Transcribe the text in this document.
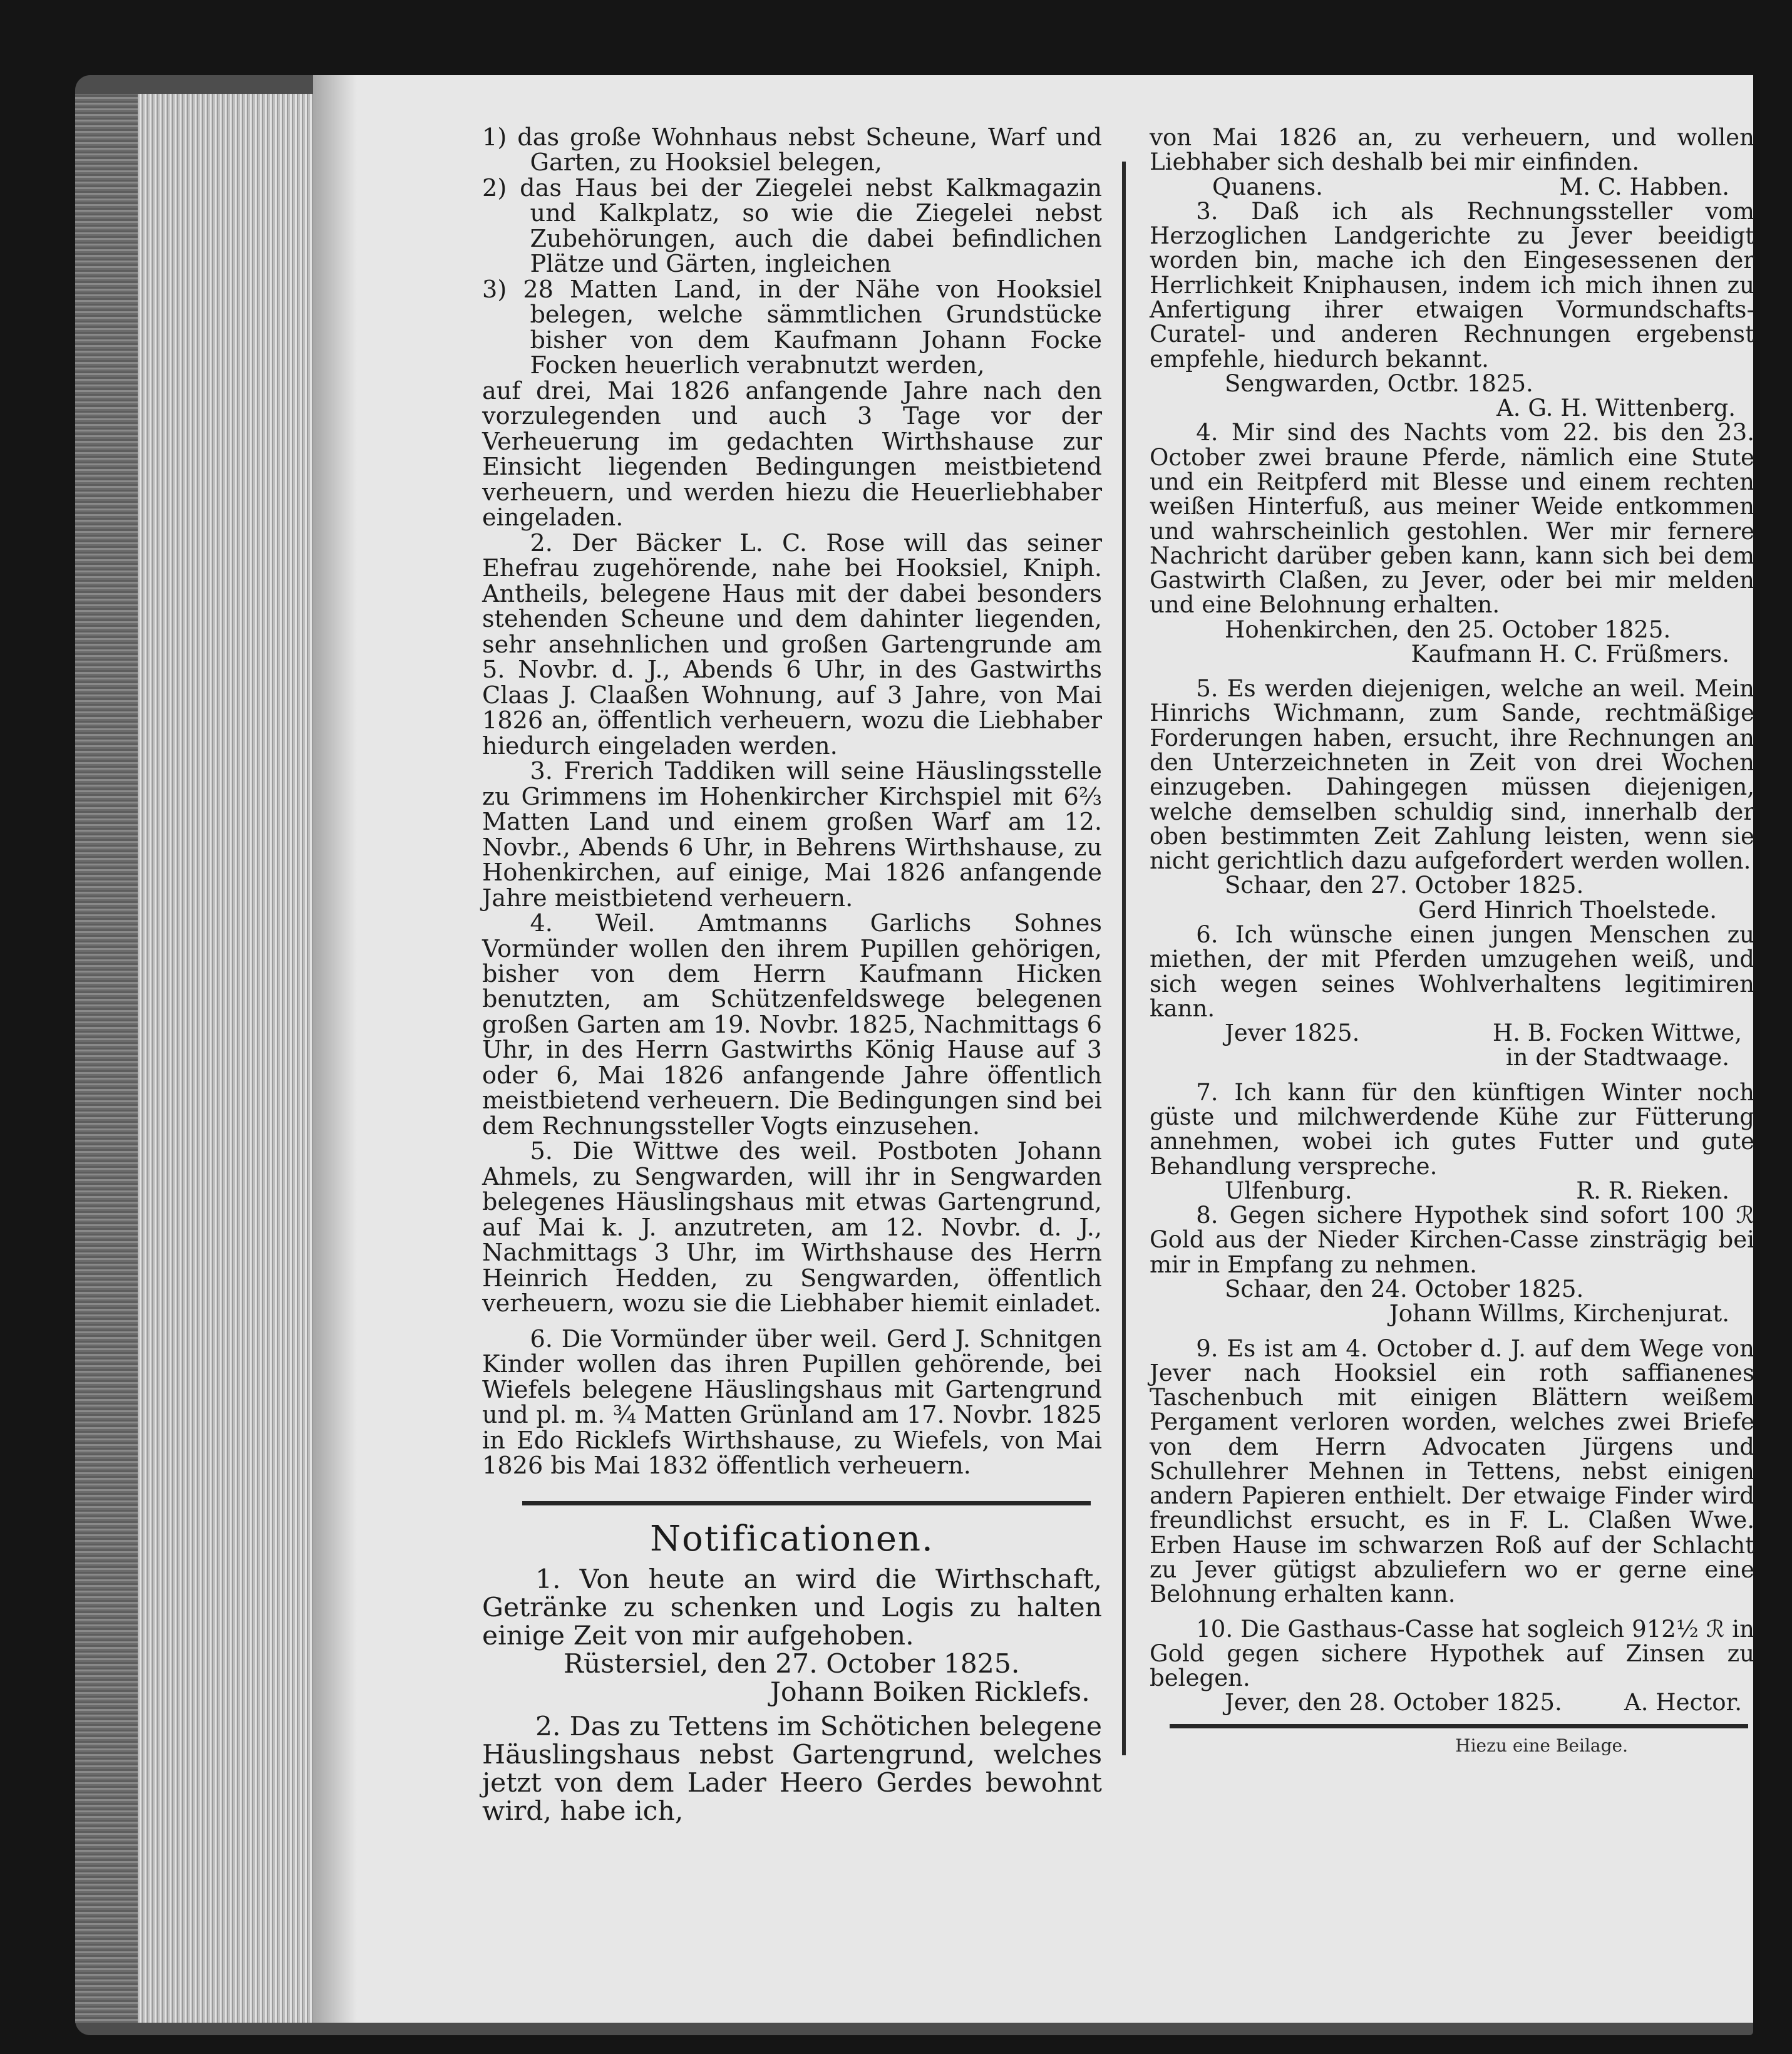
1) das große Wohnhaus nebst Scheune, Warf und Garten, zu Hooksiel belegen,

2) das Haus bei der Ziegelei nebst Kalkmagazin und Kalkplatz, so wie die Ziegelei nebst Zubehörungen, auch die dabei befindlichen Plätze und Gärten, ingleichen

3) 28 Matten Land, in der Nähe von Hooksiel belegen, welche sämmtlichen Grundstücke bisher von dem Kaufmann Johann Focke Focken heuerlich verabnutzt werden,

auf drei, Mai 1826 anfangende Jahre nach den vorzulegenden und auch 3 Tage vor der Verheuerung im gedachten Wirthshause zur Einsicht liegenden Bedingungen meistbietend verheuern, und werden hiezu die Heuerliebhaber eingeladen.

2. Der Bäcker L. C. Rose will das seiner Ehefrau zugehörende, nahe bei Hooksiel, Kniph. Antheils, belegene Haus mit der dabei besonders stehenden Scheune und dem dahinter liegenden, sehr ansehnlichen und großen Gartengrunde am 5. Novbr. d. J., Abends 6 Uhr, in des Gastwirths Claas J. Claaßen Wohnung, auf 3 Jahre, von Mai 1826 an, öffentlich verheuern, wozu die Liebhaber hiedurch eingeladen werden.

3. Frerich Taddiken will seine Häuslingsstelle zu Grimmens im Hohenkircher Kirchspiel mit 6⅔ Matten Land und einem großen Warf am 12. Novbr., Abends 6 Uhr, in Behrens Wirthshause, zu Hohenkirchen, auf einige, Mai 1826 anfangende Jahre meistbietend verheuern.

4. Weil. Amtmanns Garlichs Sohnes Vormünder wollen den ihrem Pupillen gehörigen, bisher von dem Herrn Kaufmann Hicken benutzten, am Schützenfeldswege belegenen großen Garten am 19. Novbr. 1825, Nachmittags 6 Uhr, in des Herrn Gastwirths König Hause auf 3 oder 6, Mai 1826 anfangende Jahre öffentlich meistbietend verheuern. Die Bedingungen sind bei dem Rechnungssteller Vogts einzusehen.

5. Die Wittwe des weil. Postboten Johann Ahmels, zu Sengwarden, will ihr in Sengwarden belegenes Häuslingshaus mit etwas Gartengrund, auf Mai k. J. anzutreten, am 12. Novbr. d. J., Nachmittags 3 Uhr, im Wirthshause des Herrn Heinrich Hedden, zu Sengwarden, öffentlich verheuern, wozu sie die Liebhaber hiemit einladet.

6. Die Vormünder über weil. Gerd J. Schnitgen Kinder wollen das ihren Pupillen gehörende, bei Wiefels belegene Häuslingshaus mit Gartengrund und pl. m. ¾ Matten Grünland am 17. Novbr. 1825 in Edo Ricklefs Wirthshause, zu Wiefels, von Mai 1826 bis Mai 1832 öffentlich verheuern.

Notificationen.

1. Von heute an wird die Wirthschaft, Getränke zu schenken und Logis zu halten einige Zeit von mir aufgehoben.

Rüstersiel, den 27. October 1825.

Johann Boiken Ricklefs.

2. Das zu Tettens im Schötichen belegene Häuslingshaus nebst Gartengrund, welches jetzt von dem Lader Heero Gerdes bewohnt wird, habe ich,

von Mai 1826 an, zu verheuern, und wollen Liebhaber sich deshalb bei mir einfinden.

Quanens.	M. C. Habben.

3. Daß ich als Rechnungssteller vom Herzoglichen Landgerichte zu Jever beeidigt worden bin, mache ich den Eingesessenen der Herrlichkeit Kniphausen, indem ich mich ihnen zu Anfertigung ihrer etwaigen Vormundschafts- Curatel- und anderen Rechnungen ergebenst empfehle, hiedurch bekannt.

Sengwarden, Octbr. 1825.

A. G. H. Wittenberg.

4. Mir sind des Nachts vom 22. bis den 23. October zwei braune Pferde, nämlich eine Stute und ein Reitpferd mit Blesse und einem rechten weißen Hinterfuß, aus meiner Weide entkommen und wahrscheinlich gestohlen. Wer mir fernere Nachricht darüber geben kann, kann sich bei dem Gastwirth Claßen, zu Jever, oder bei mir melden und eine Belohnung erhalten.

Hohenkirchen, den 25. October 1825.

Kaufmann H. C. Früßmers.

5. Es werden diejenigen, welche an weil. Mein Hinrichs Wichmann, zum Sande, rechtmäßige Forderungen haben, ersucht, ihre Rechnungen an den Unterzeichneten in Zeit von drei Wochen einzugeben. Dahingegen müssen diejenigen, welche demselben schuldig sind, innerhalb der oben bestimmten Zeit Zahlung leisten, wenn sie nicht gerichtlich dazu aufgefordert werden wollen.

Schaar, den 27. October 1825.

Gerd Hinrich Thoelstede.

6. Ich wünsche einen jungen Menschen zu miethen, der mit Pferden umzugehen weiß, und sich wegen seines Wohlverhaltens legitimiren kann.

Jever 1825.	H. B. Focken Wittwe,

in der Stadtwaage.

7. Ich kann für den künftigen Winter noch güste und milchwerdende Kühe zur Fütterung annehmen, wobei ich gutes Futter und gute Behandlung verspreche.

Ulfenburg.	R. R. Rieken.

8. Gegen sichere Hypothek sind sofort 100 ℛ Gold aus der Nieder Kirchen-Casse zinsträgig bei mir in Empfang zu nehmen.

Schaar, den 24. October 1825.

Johann Willms, Kirchenjurat.

9. Es ist am 4. October d. J. auf dem Wege von Jever nach Hooksiel ein roth saffianenes Taschenbuch mit einigen Blättern weißem Pergament verloren worden, welches zwei Briefe von dem Herrn Advocaten Jürgens und Schullehrer Mehnen in Tettens, nebst einigen andern Papieren enthielt. Der etwaige Finder wird freundlichst ersucht, es in F. L. Claßen Wwe. Erben Hause im schwarzen Roß auf der Schlacht zu Jever gütigst abzuliefern wo er gerne eine Belohnung erhalten kann.

10. Die Gasthaus-Casse hat sogleich 912½ ℛ in Gold gegen sichere Hypothek auf Zinsen zu belegen.

Jever, den 28. October 1825.	A. Hector.
Hiezu eine Beilage.
